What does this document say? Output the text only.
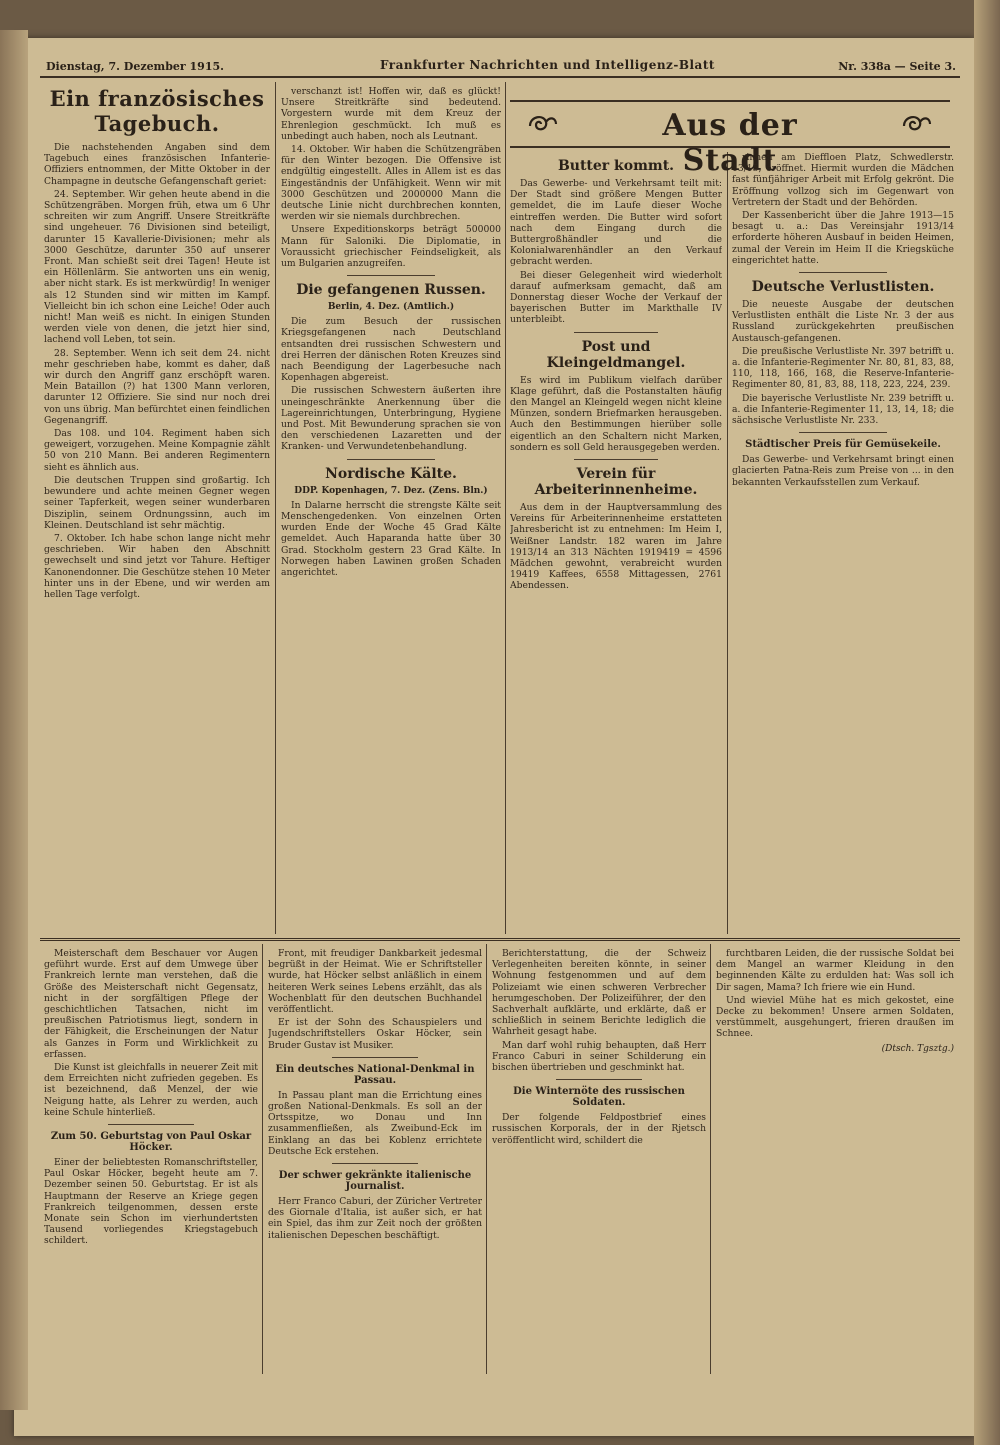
Dienstag, 7. Dezember 1915.	Frankfurter Nachrichten und Intelligenz-Blatt	Nr. 338a — Seite 3.
Ein französisches Tagebuch.

Die nachstehenden Angaben sind dem Tagebuch eines französischen Infanterie-Offiziers entnommen, der Mitte Oktober in der Champagne in deutsche Gefangenschaft geriet:

24. September. Wir gehen heute abend in die Schützengräben. Morgen früh, etwa um 6 Uhr schreiten wir zum Angriff. Unsere Streitkräfte sind ungeheuer. 76 Divisionen sind beteiligt, darunter 15 Kavallerie-Divisionen; mehr als 3000 Geschütze, darunter 350 auf unserer Front. Man schießt seit drei Tagen! Heute ist ein Höllenlärm. Sie antworten uns ein wenig, aber nicht stark. Es ist merkwürdig! In weniger als 12 Stunden sind wir mitten im Kampf. Vielleicht bin ich schon eine Leiche! Oder auch nicht! Man weiß es nicht. In einigen Stunden werden viele von denen, die jetzt hier sind, lachend voll Leben, tot sein.

28. September. Wenn ich seit dem 24. nicht mehr geschrieben habe, kommt es daher, daß wir durch den Angriff ganz erschöpft waren. Mein Bataillon (?) hat 1300 Mann verloren, darunter 12 Offiziere. Sie sind nur noch drei von uns übrig. Man befürchtet einen feindlichen Gegenangriff.

Das 108. und 104. Regiment haben sich geweigert, vorzugehen. Meine Kompagnie zählt 50 von 210 Mann. Bei anderen Regimentern sieht es ähnlich aus.

Die deutschen Truppen sind großartig. Ich bewundere und achte meinen Gegner wegen seiner Tapferkeit, wegen seiner wunderbaren Disziplin, seinem Ordnungssinn, auch im Kleinen. Deutschland ist sehr mächtig.

7. Oktober. Ich habe schon lange nicht mehr geschrieben. Wir haben den Abschnitt gewechselt und sind jetzt vor Tahure. Heftiger Kanonendonner. Die Geschütze stehen 10 Meter hinter uns in der Ebene, und wir werden am hellen Tage verfolgt.

verschanzt ist! Hoffen wir, daß es glückt! Unsere Streitkräfte sind bedeutend. Vorgestern wurde mit dem Kreuz der Ehrenlegion geschmückt. Ich muß es unbedingt auch haben, noch als Leutnant.

14. Oktober. Wir haben die Schützengräben für den Winter bezogen. Die Offensive ist endgültig eingestellt. Alles in Allem ist es das Eingeständnis der Unfähigkeit. Wenn wir mit 3000 Geschützen und 2000000 Mann die deutsche Linie nicht durchbrechen konnten, werden wir sie niemals durchbrechen.

Unsere Expeditionskorps beträgt 500000 Mann für Saloniki. Die Diplomatie, in Voraussicht griechischer Feindseligkeit, als um Bulgarien anzugreifen.

Die gefangenen Russen.
Berlin, 4. Dez. (Amtlich.)

Die zum Besuch der russischen Kriegsgefangenen nach Deutschland entsandten drei russischen Schwestern und drei Herren der dänischen Roten Kreuzes sind nach Beendigung der Lagerbesuche nach Kopenhagen abgereist.

Die russischen Schwestern äußerten ihre uneingeschränkte Anerkennung über die Lagereinrichtungen, Unterbringung, Hygiene und Post. Mit Bewunderung sprachen sie von den verschiedenen Lazaretten und der Kranken- und Verwundetenbehandlung.

Nordische Kälte.
DDP. Kopenhagen, 7. Dez. (Zens. Bln.)

In Dalarne herrscht die strengste Kälte seit Menschengedenken. Von einzelnen Orten wurden Ende der Woche 45 Grad Kälte gemeldet. Auch Haparanda hatte über 30 Grad. Stockholm gestern 23 Grad Kälte. In Norwegen haben Lawinen großen Schaden angerichtet.

Aus der Stadt
Butter kommt.

Das Gewerbe- und Verkehrsamt teilt mit: Der Stadt sind größere Mengen Butter gemeldet, die im Laufe dieser Woche eintreffen werden. Die Butter wird sofort nach dem Eingang durch die Buttergroßhändler und die Kolonialwarenhändler an den Verkauf gebracht werden.

Bei dieser Gelegenheit wird wiederholt darauf aufmerksam gemacht, daß am Donnerstag dieser Woche der Verkauf der bayerischen Butter im Markthalle IV unterbleibt.

Post und Kleingeldmangel.

Es wird im Publikum vielfach darüber Klage geführt, daß die Postanstalten häufig den Mangel an Kleingeld wegen nicht kleine Münzen, sondern Briefmarken herausgeben. Auch den Bestimmungen hierüber solle eigentlich an den Schaltern nicht Marken, sondern es soll Geld herausgegeben werden.

Verein für Arbeiterinnenheime.

Aus dem in der Hauptversammlung des Vereins für Arbeiterinnenheime erstatteten Jahresbericht ist zu entnehmen: Im Heim I, Weißner Landstr. 182 waren im Jahre 1913/14 an 313 Nächten 1919419 = 4596 Mädchen gewohnt, verabreicht wurden 19419 Kaffees, 6558 Mittagessen, 2761 Abendessen.

rinnen am Dieffloen Platz, Schwedlerstr. 13/15, eröffnet. Hiermit wurden die Mädchen fast fünfjähriger Arbeit mit Erfolg gekrönt. Die Eröffnung vollzog sich im Gegenwart von Vertretern der Stadt und der Behörden.

Der Kassenbericht über die Jahre 1913—15 besagt u. a.: Das Vereinsjahr 1913/14 erforderte höheren Ausbauf in beiden Heimen, zumal der Verein im Heim II die Kriegsküche eingerichtet hatte.

Deutsche Verlustlisten.

Die neueste Ausgabe der deutschen Verlustlisten enthält die Liste Nr. 3 der aus Russland zurückgekehrten preußischen Austausch-gefangenen.

Die preußische Verlustliste Nr. 397 betrifft u. a. die Infanterie-Regimenter Nr. 80, 81, 83, 88, 110, 118, 166, 168, die Reserve-Infanterie-Regimenter 80, 81, 83, 88, 118, 223, 224, 239.

Die bayerische Verlustliste Nr. 239 betrifft u. a. die Infanterie-Regimenter 11, 13, 14, 18; die sächsische Verlustliste Nr. 233.

Städtischer Preis für Gemüsekeile.

Das Gewerbe- und Verkehrsamt bringt einen glacierten Patna-Reis zum Preise von ... in den bekannten Verkaufsstellen zum Verkauf.

Meisterschaft dem Beschauer vor Augen geführt wurde. Erst auf dem Umwege über Frankreich lernte man verstehen, daß die Größe des Meisterschaft nicht Gegensatz, nicht in der sorgfältigen Pflege der geschichtlichen Tatsachen, nicht im preußischen Patriotismus liegt, sondern in der Fähigkeit, die Erscheinungen der Natur als Ganzes in Form und Wirklichkeit zu erfassen.

Die Kunst ist gleichfalls in neuerer Zeit mit dem Erreichten nicht zufrieden gegeben. Es ist bezeichnend, daß Menzel, der wie Neigung hatte, als Lehrer zu werden, auch keine Schule hinterließ.

Zum 50. Geburtstag von Paul Oskar Höcker.

Einer der beliebtesten Romanschriftsteller, Paul Oskar Höcker, begeht heute am 7. Dezember seinen 50. Geburtstag. Er ist als Hauptmann der Reserve an Kriege gegen Frankreich teilgenommen, dessen erste Monate sein Schon im vierhundertsten Tausend vorliegendes Kriegstagebuch schildert.

Front, mit freudiger Dankbarkeit jedesmal begrüßt in der Heimat. Wie er Schriftsteller wurde, hat Höcker selbst anläßlich in einem heiteren Werk seines Lebens erzählt, das als Wochenblatt für den deutschen Buchhandel veröffentlicht.

Er ist der Sohn des Schauspielers und Jugendschriftstellers Oskar Höcker, sein Bruder Gustav ist Musiker.

Ein deutsches National-Denkmal in Passau.

In Passau plant man die Errichtung eines großen National-Denkmals. Es soll an der Ortsspitze, wo Donau und Inn zusammenfließen, als Zweibund-Eck im Einklang an das bei Koblenz errichtete Deutsche Eck erstehen.

Der schwer gekränkte italienische Journalist.

Herr Franco Caburi, der Züricher Vertreter des Giornale d'Italia, ist außer sich, er hat ein Spiel, das ihm zur Zeit noch der größten italienischen Depeschen beschäftigt.

Berichterstattung, die der Schweiz Verlegenheiten bereiten könnte, in seiner Wohnung festgenommen und auf dem Polizeiamt wie einen schweren Verbrecher herumgeschoben. Der Polizeiführer, der den Sachverhalt aufklärte, und erklärte, daß er schließlich in seinem Berichte lediglich die Wahrheit gesagt habe.

Man darf wohl ruhig behaupten, daß Herr Franco Caburi in seiner Schilderung ein bischen übertrieben und geschminkt hat.

Die Winternöte des russischen Soldaten.

Der folgende Feldpostbrief eines russischen Korporals, der in der Rjetsch veröffentlicht wird, schildert die

furchtbaren Leiden, die der russische Soldat bei dem Mangel an warmer Kleidung in den beginnenden Kälte zu erdulden hat: Was soll ich Dir sagen, Mama? Ich friere wie ein Hund.

Und wieviel Mühe hat es mich gekostet, eine Decke zu bekommen! Unsere armen Soldaten, verstümmelt, ausgehungert, frieren draußen im Schnee.

(Dtsch. Tgsztg.)
